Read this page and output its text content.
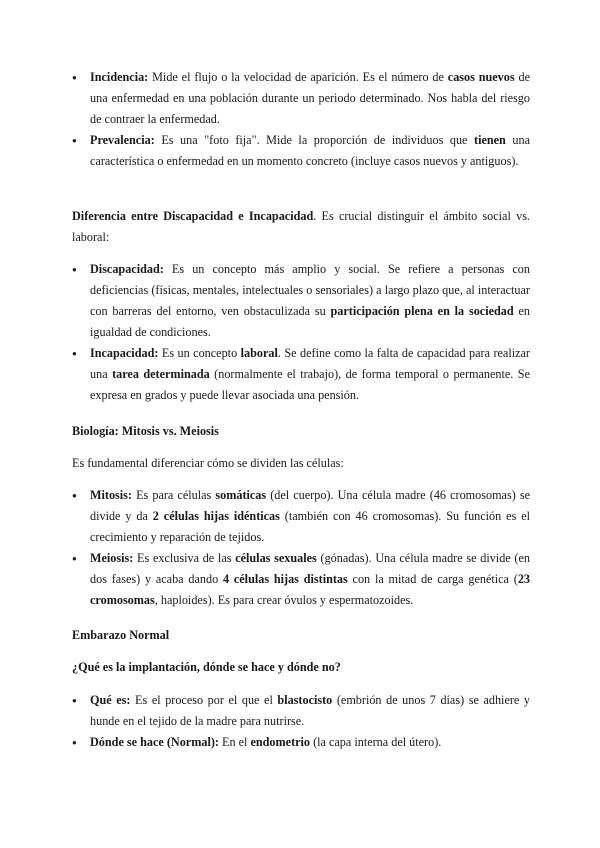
● Incidencia: Mide el flujo o la velocidad de aparición. Es el número de casos nuevos de una enfermedad en una población durante un periodo determinado. Nos habla del riesgo de contraer la enfermedad.
● Prevalencia: Es una "foto fija". Mide la proporción de individuos que tienen una característica o enfermedad en un momento concreto (incluye casos nuevos y antiguos).
Diferencia entre Discapacidad e Incapacidad. Es crucial distinguir el ámbito social vs. laboral:
● Discapacidad: Es un concepto más amplio y social. Se refiere a personas con deficiencias (físicas, mentales, intelectuales o sensoriales) a largo plazo que, al interactuar con barreras del entorno, ven obstaculizada su participación plena en la sociedad en igualdad de condiciones.
● Incapacidad: Es un concepto laboral. Se define como la falta de capacidad para realizar una tarea determinada (normalmente el trabajo), de forma temporal o permanente. Se expresa en grados y puede llevar asociada una pensión.
Biología: Mitosis vs. Meiosis
Es fundamental diferenciar cómo se dividen las células:
● Mitosis: Es para células somáticas (del cuerpo). Una célula madre (46 cromosomas) se divide y da 2 células hijas idénticas (también con 46 cromosomas). Su función es el crecimiento y reparación de tejidos.
● Meiosis: Es exclusiva de las células sexuales (gónadas). Una célula madre se divide (en dos fases) y acaba dando 4 células hijas distintas con la mitad de carga genética (23 cromosomas, haploides). Es para crear óvulos y espermatozoides.
Embarazo Normal
¿Qué es la implantación, dónde se hace y dónde no?
● Qué es: Es el proceso por el que el blastocisto (embrión de unos 7 días) se adhiere y hunde en el tejido de la madre para nutrirse.
● Dónde se hace (Normal): En el endometrio (la capa interna del útero).
